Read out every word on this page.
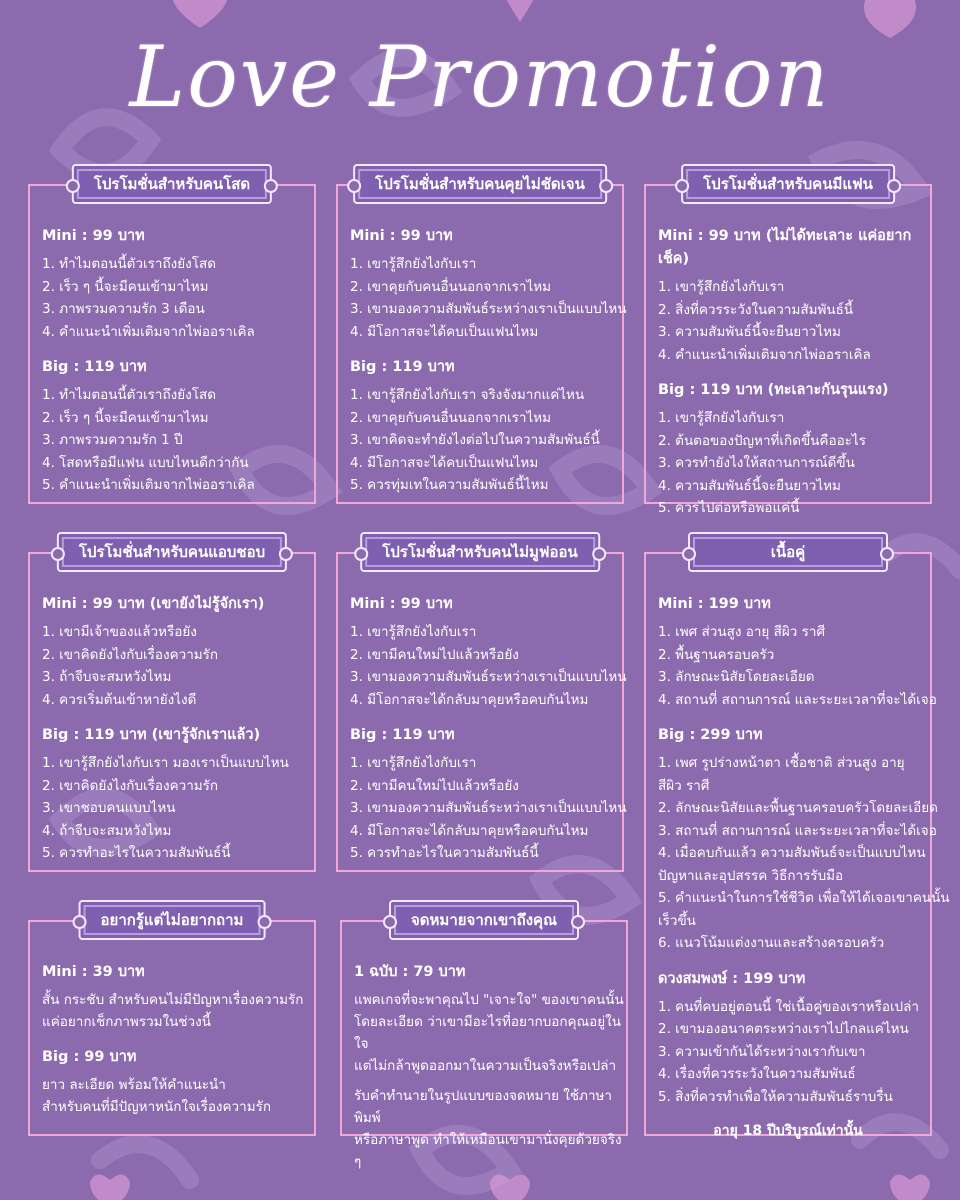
Love Promotion
โปรโมชั่นสำหรับคนโสด
Mini : 99 บาท
1. ทำไมตอนนี้ตัวเราถึงยังโสด
2. เร็ว ๆ นี้จะมีคนเข้ามาไหม
3. ภาพรวมความรัก 3 เดือน
4. คำแนะนำเพิ่มเติมจากไพ่ออราเคิล
Big : 119 บาท
1. ทำไมตอนนี้ตัวเราถึงยังโสด
2. เร็ว ๆ นี้จะมีคนเข้ามาไหม
3. ภาพรวมความรัก 1 ปี
4. โสดหรือมีแฟน แบบไหนดีกว่ากัน
5. คำแนะนำเพิ่มเติมจากไพ่ออราเคิล
โปรโมชั่นสำหรับคนคุยไม่ชัดเจน
Mini : 99 บาท
1. เขารู้สึกยังไงกับเรา
2. เขาคุยกับคนอื่นนอกจากเราไหม
3. เขามองความสัมพันธ์ระหว่างเราเป็นแบบไหน
4. มีโอกาสจะได้คบเป็นแฟนไหม
Big : 119 บาท
1. เขารู้สึกยังไงกับเรา จริงจังมากแค่ไหน
2. เขาคุยกับคนอื่นนอกจากเราไหม
3. เขาคิดจะทำยังไงต่อไปในความสัมพันธ์นี้
4. มีโอกาสจะได้คบเป็นแฟนไหม
5. ควรทุ่มเทในความสัมพันธ์นี้ไหม
โปรโมชั่นสำหรับคนมีแฟน
Mini : 99 บาท (ไม่ได้ทะเลาะ แค่อยากเช็ค)
1. เขารู้สึกยังไงกับเรา
2. สิ่งที่ควรระวังในความสัมพันธ์นี้
3. ความสัมพันธ์นี้จะยืนยาวไหม
4. คำแนะนำเพิ่มเติมจากไพ่ออราเคิล
Big : 119 บาท (ทะเลาะกันรุนแรง)
1. เขารู้สึกยังไงกับเรา
2. ต้นตอของปัญหาที่เกิดขึ้นคืออะไร
3. ควรทำยังไงให้สถานการณ์ดีขึ้น
4. ความสัมพันธ์นี้จะยืนยาวไหม
5. ควรไปต่อหรือพอแค่นี้
โปรโมชั่นสำหรับคนแอบชอบ
Mini : 99 บาท (เขายังไม่รู้จักเรา)
1. เขามีเจ้าของแล้วหรือยัง
2. เขาคิดยังไงกับเรื่องความรัก
3. ถ้าจีบจะสมหวังไหม
4. ควรเริ่มต้นเข้าหายังไงดี
Big : 119 บาท (เขารู้จักเราแล้ว)
1. เขารู้สึกยังไงกับเรา มองเราเป็นแบบไหน
2. เขาคิดยังไงกับเรื่องความรัก
3. เขาชอบคนแบบไหน
4. ถ้าจีบจะสมหวังไหม
5. ควรทำอะไรในความสัมพันธ์นี้
โปรโมชั่นสำหรับคนไม่มูฟออน
Mini : 99 บาท
1. เขารู้สึกยังไงกับเรา
2. เขามีคนใหม่ไปแล้วหรือยัง
3. เขามองความสัมพันธ์ระหว่างเราเป็นแบบไหน
4. มีโอกาสจะได้กลับมาคุยหรือคบกันไหม
Big : 119 บาท
1. เขารู้สึกยังไงกับเรา
2. เขามีคนใหม่ไปแล้วหรือยัง
3. เขามองความสัมพันธ์ระหว่างเราเป็นแบบไหน
4. มีโอกาสจะได้กลับมาคุยหรือคบกันไหม
5. ควรทำอะไรในความสัมพันธ์นี้
เนื้อคู่
Mini : 199 บาท
1. เพศ ส่วนสูง อายุ สีผิว ราศี
2. พื้นฐานครอบครัว
3. ลักษณะนิสัยโดยละเอียด
4. สถานที่ สถานการณ์ และระยะเวลาที่จะได้เจอ
Big : 299 บาท
1. เพศ รูปร่างหน้าตา เชื้อชาติ ส่วนสูง อายุ
สีผิว ราศี
2. ลักษณะนิสัยและพื้นฐานครอบครัวโดยละเอียด
3. สถานที่ สถานการณ์ และระยะเวลาที่จะได้เจอ
4. เมื่อคบกันแล้ว ความสัมพันธ์จะเป็นแบบไหน
ปัญหาและอุปสรรค วิธีการรับมือ
5. คำแนะนำในการใช้ชีวิต เพื่อให้ได้เจอเขาคนนั้น
เร็วขึ้น
6. แนวโน้มแต่งงานและสร้างครอบครัว
ดวงสมพงษ์ : 199 บาท
1. คนที่คบอยู่ตอนนี้ ใช่เนื้อคู่ของเราหรือเปล่า
2. เขามองอนาคตระหว่างเราไปไกลแค่ไหน
3. ความเข้ากันได้ระหว่างเรากับเขา
4. เรื่องที่ควรระวังในความสัมพันธ์
5. สิ่งที่ควรทำเพื่อให้ความสัมพันธ์ราบรื่น
อายุ 18 ปีบริบูรณ์เท่านั้น
อยากรู้แต่ไม่อยากถาม
Mini : 39 บาท
สั้น กระชับ สำหรับคนไม่มีปัญหาเรื่องความรัก
แค่อยากเช็กภาพรวมในช่วงนี้
Big : 99 บาท
ยาว ละเอียด พร้อมให้คำแนะนำ
สำหรับคนที่มีปัญหาหนักใจเรื่องความรัก
จดหมายจากเขาถึงคุณ
1 ฉบับ : 79 บาท
แพคเกจที่จะพาคุณไป "เจาะใจ" ของเขาคนนั้น
โดยละเอียด ว่าเขามีอะไรที่อยากบอกคุณอยู่ในใจ
แต่ไม่กล้าพูดออกมาในความเป็นจริงหรือเปล่า
รับคำทำนายในรูปแบบของจดหมาย ใช้ภาษาพิมพ์
หรือภาษาพูด ทำให้เหมือนเขามานั่งคุยด้วยจริง ๆ
